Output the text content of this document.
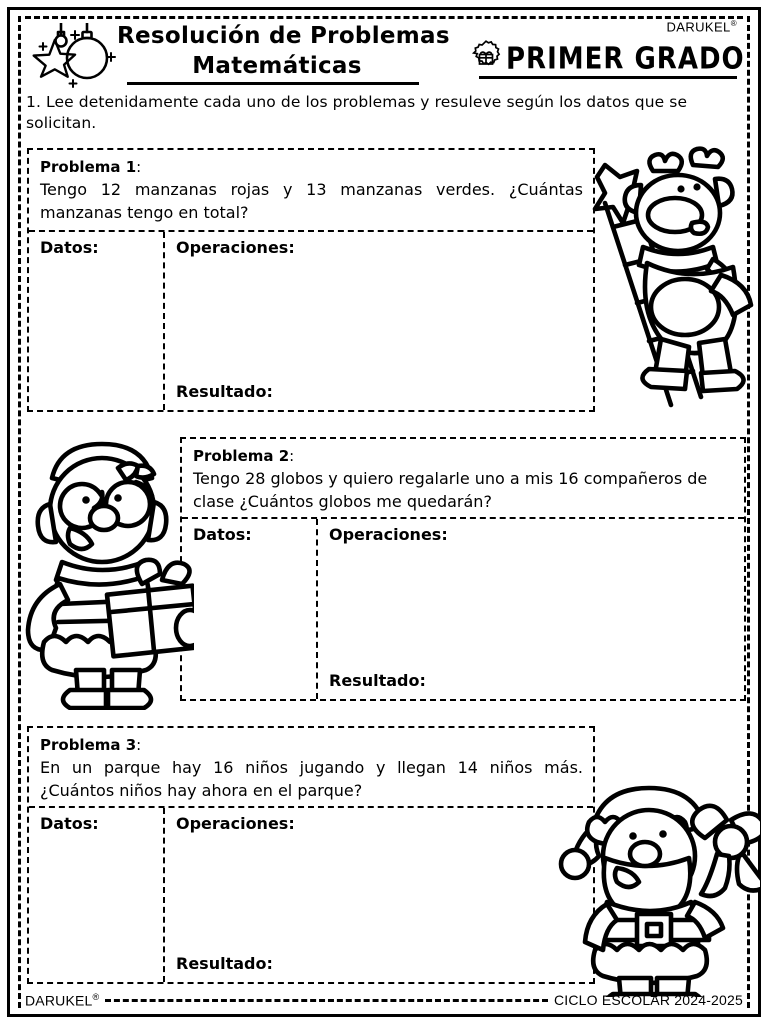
Resolución de Problemas
Matemáticas
DARUKEL®
PRIMER GRADO
1. Lee detenidamente cada uno de los problemas y resuleve según los datos que se solicitan.
Problema 1:
Tengo 12 manzanas rojas y 13 manzanas verdes. ¿Cuántas manzanas tengo en total?
Datos:	Operaciones:
Resultado:
Problema 2:
Tengo 28 globos y quiero regalarle uno a mis 16 compañeros de clase ¿Cuántos globos me quedarán?
Datos:	Operaciones:
Resultado:
Problema 3:
En un parque hay 16 niños jugando y llegan 14 niños más. ¿Cuántos niños hay ahora en el parque?
Datos:	Operaciones:
Resultado:
DARUKEL®	CICLO ESCOLAR 2024-2025
